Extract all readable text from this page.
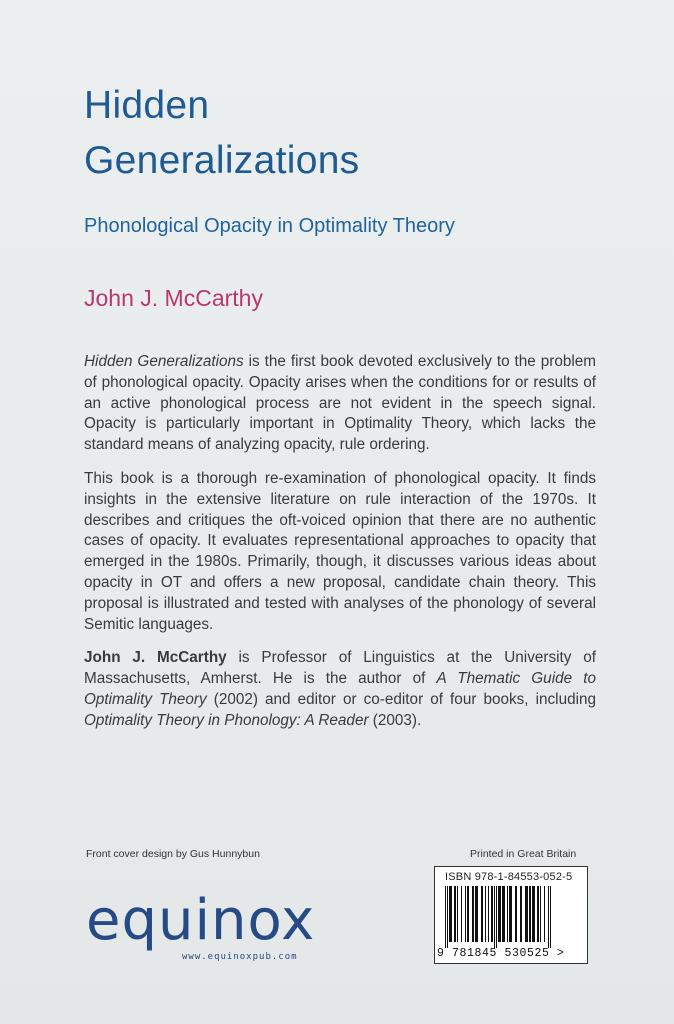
Hidden
Generalizations
Phonological Opacity in Optimality Theory
John J. McCarthy

Hidden Generalizations is the first book devoted exclusively to the problem of phonological opacity. Opacity arises when the conditions for or results of an active phonological process are not evident in the speech signal. Opacity is particularly important in Optimality Theory, which lacks the standard means of analyzing opacity, rule ordering.

This book is a thorough re-examination of phonological opacity. It finds insights in the extensive literature on rule interaction of the 1970s. It describes and critiques the oft-voiced opinion that there are no authentic cases of opacity. It evaluates representational approaches to opacity that emerged in the 1980s. Primarily, though, it discusses various ideas about opacity in OT and offers a new proposal, candidate chain theory. This proposal is illustrated and tested with analyses of the phonology of several Semitic languages.

John J. McCarthy is Professor of Linguistics at the University of Massachusetts, Amherst. He is the author of A Thematic Guide to Optimality Theory (2002) and editor or co-editor of four books, including Optimality Theory in Phonology: A Reader (2003).

Front cover design by Gus Hunnybun	Printed in Great Britain
ISBN 978-1-84553-052-5
9 781845 530525 >
equinox
www.equinoxpub.com
